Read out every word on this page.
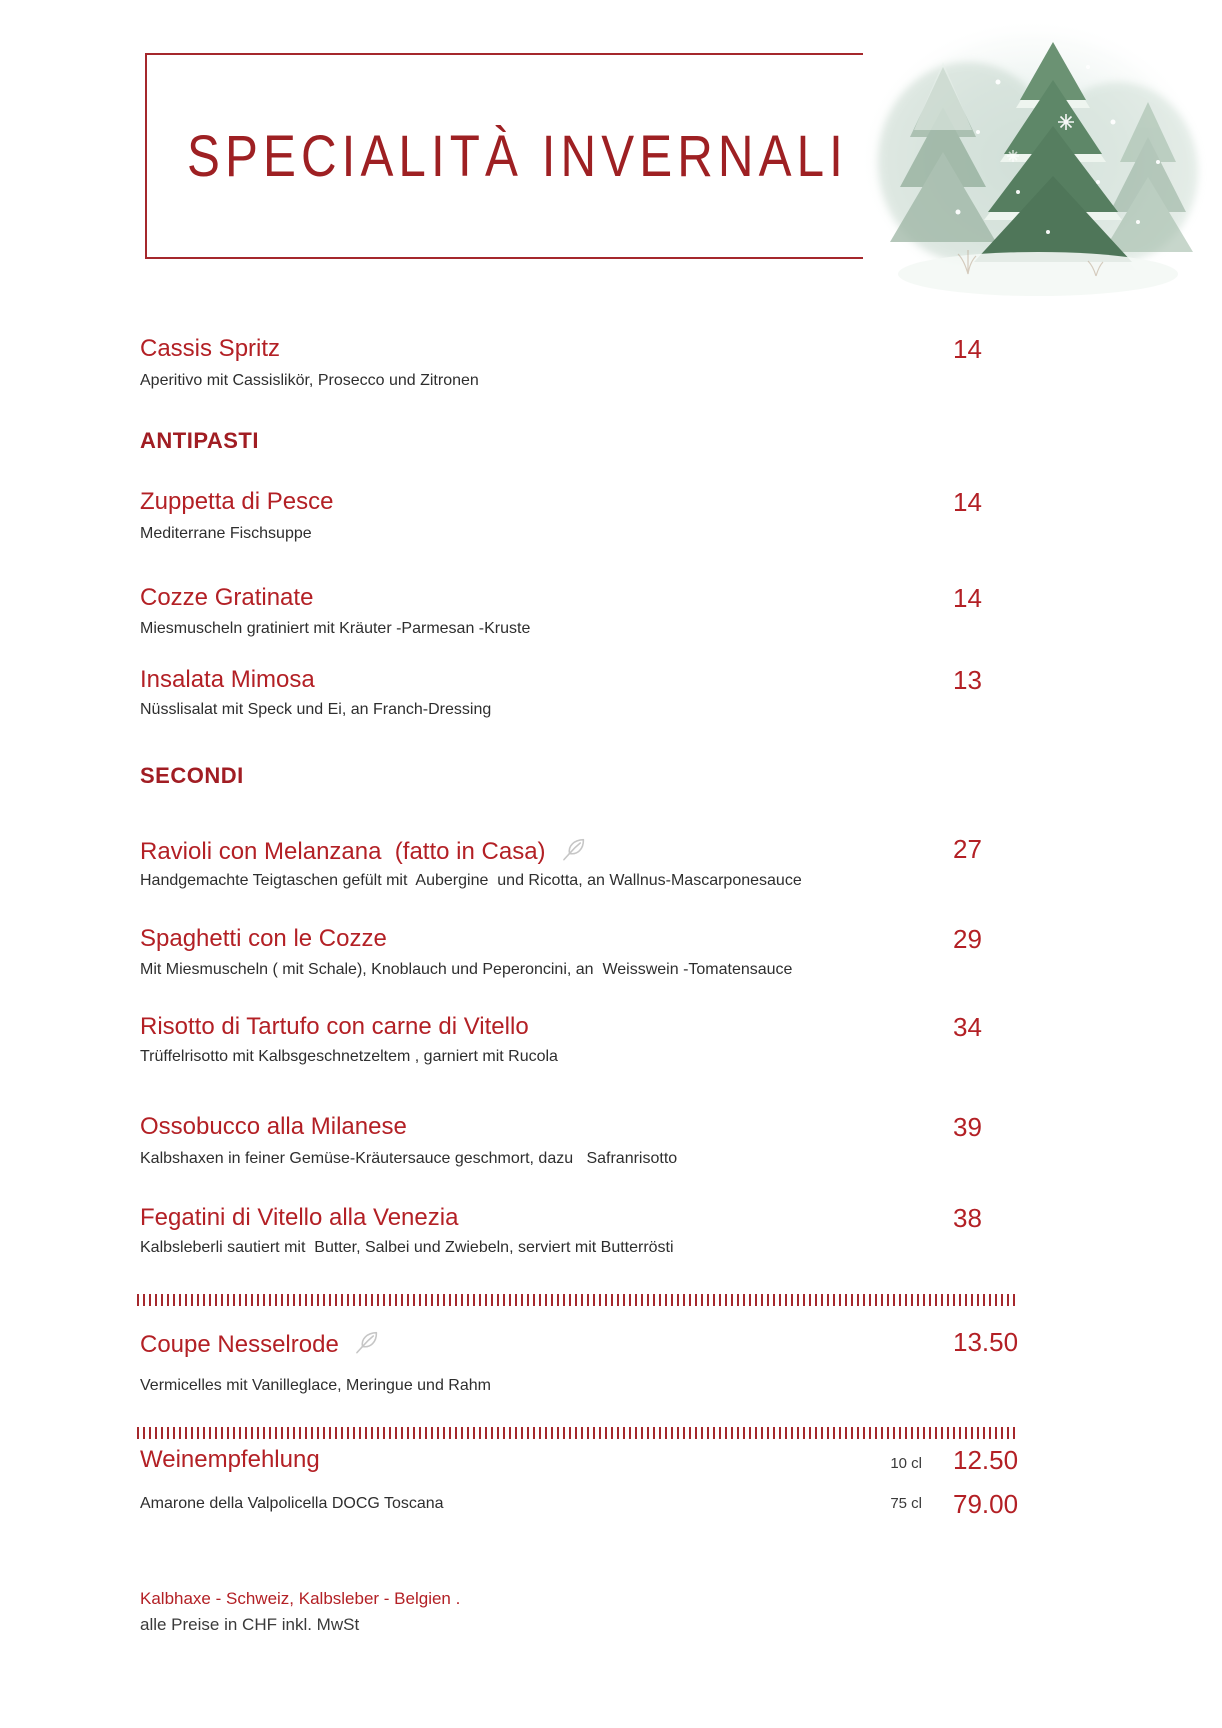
SPECIALITÀ INVERNALI
Cassis Spritz	14
Aperitivo mit Cassislikör, Prosecco und Zitronen
ANTIPASTI
Zuppetta di Pesce	14
Mediterrane Fischsuppe
Cozze Gratinate	14
Miesmuscheln gratiniert mit Kräuter -Parmesan -Kruste
Insalata Mimosa	13
Nüsslisalat mit Speck und Ei, an Franch-Dressing
SECONDI
Ravioli con Melanzana  (fatto in Casa)	27
Handgemachte Teigtaschen gefült mit  Aubergine  und Ricotta, an Wallnus-Mascarponesauce
Spaghetti con le Cozze	29
Mit Miesmuscheln ( mit Schale), Knoblauch und Peperoncini, an  Weisswein -Tomatensauce
Risotto di Tartufo con carne di Vitello	34
Trüffelrisotto mit Kalbsgeschnetzeltem , garniert mit Rucola
Ossobucco alla Milanese	39
Kalbshaxen in feiner Gemüse-Kräutersauce geschmort, dazu   Safranrisotto
Fegatini di Vitello alla Venezia	38
Kalbsleberli sautiert mit  Butter, Salbei und Zwiebeln, serviert mit Butterrösti
Coupe Nesselrode	13.50
Vermicelles mit Vanilleglace, Meringue und Rahm
Weinempfehlung	10 cl 12.50
Amarone della Valpolicella DOCG Toscana	75 cl 79.00
Kalbhaxe - Schweiz, Kalbsleber - Belgien .
alle Preise in CHF inkl. MwSt
